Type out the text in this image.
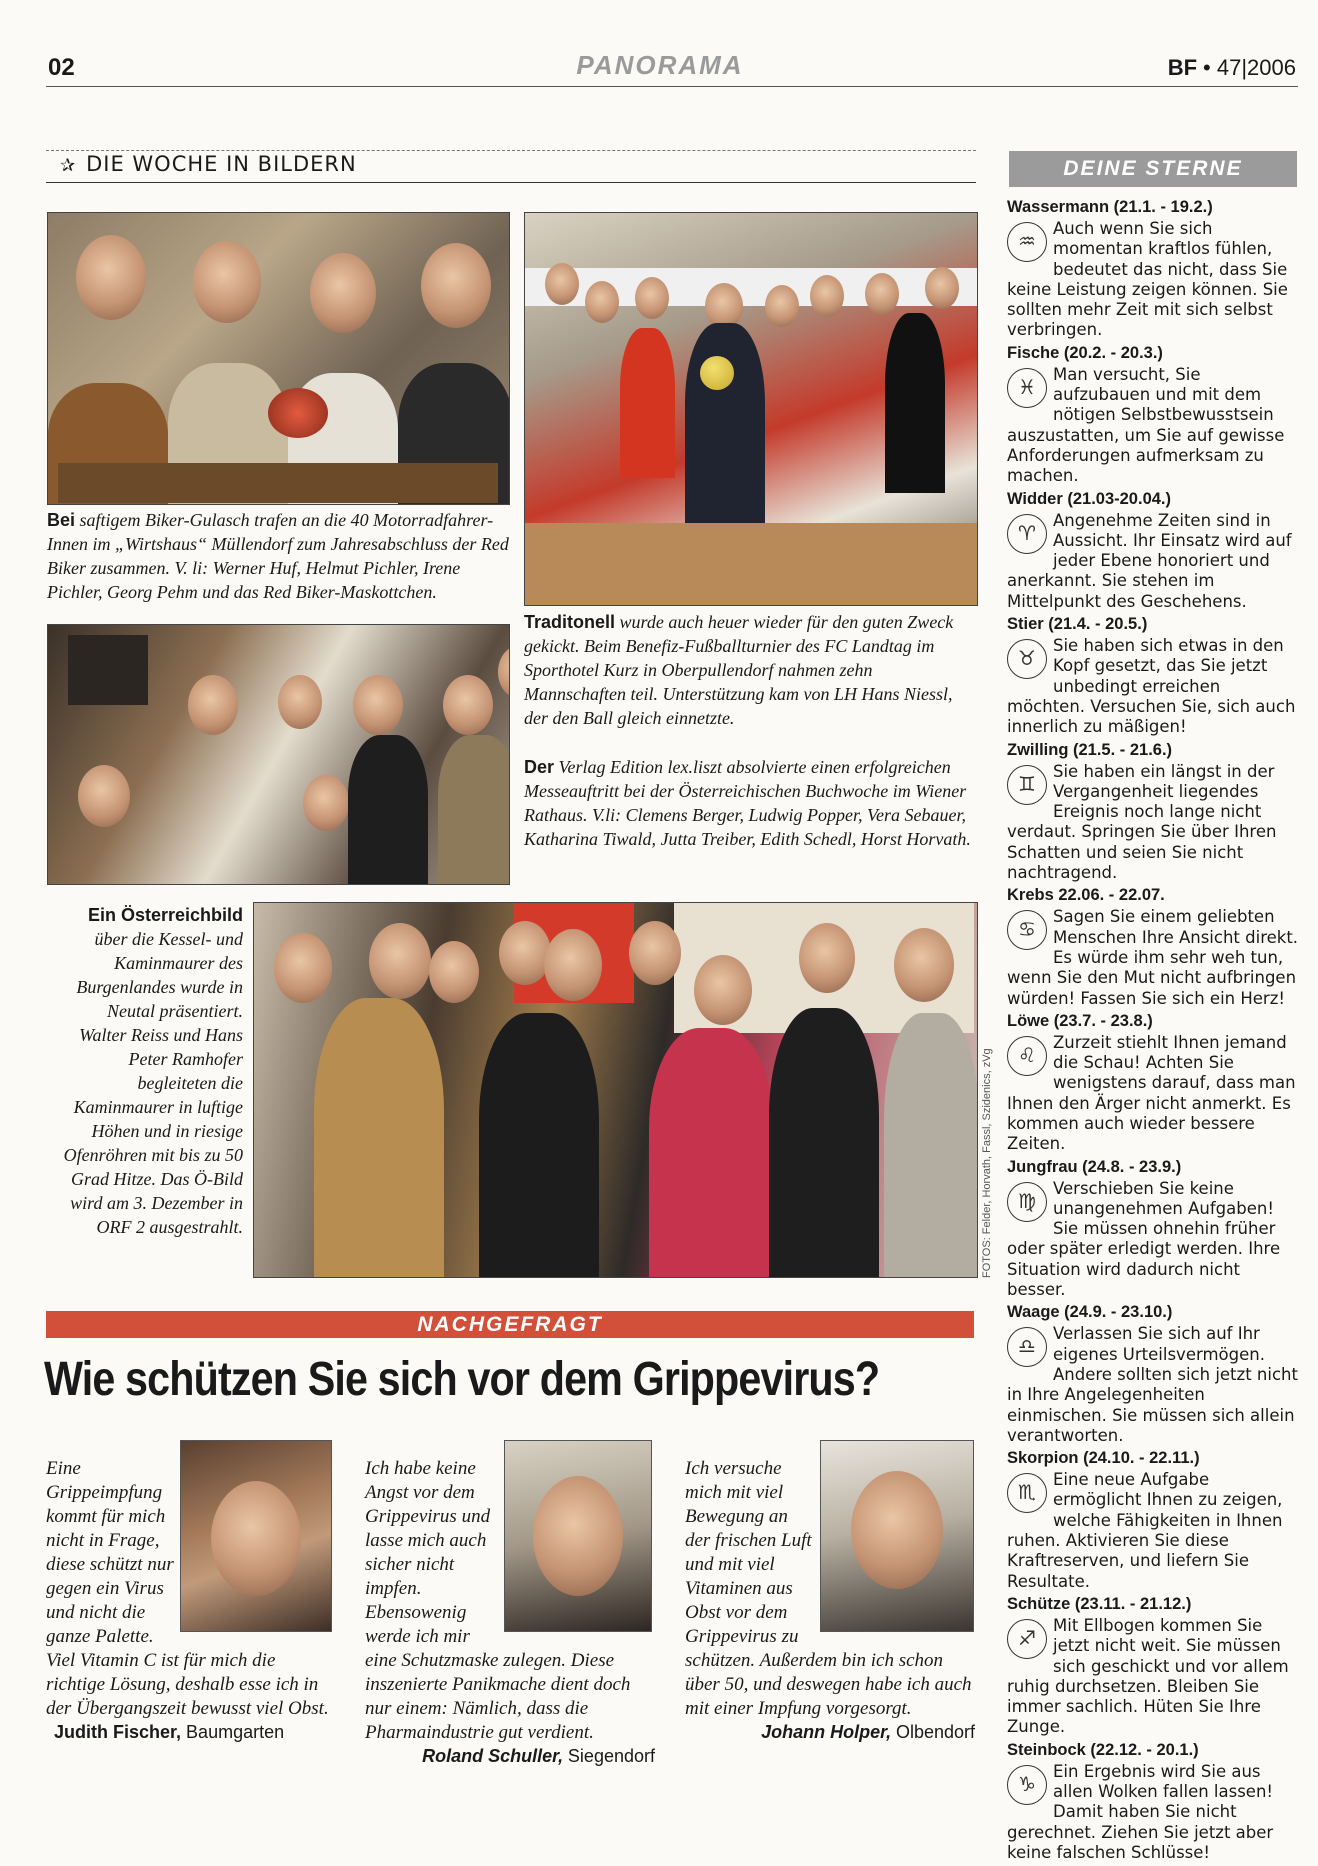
02	PANORAMA	BF • 47|2006
✰ DIE WOCHE IN BILDERN
Bei saftigem Biker-Gulasch trafen an die 40 Motorradfahrer-Innen im „Wirtshaus“ Müllendorf zum Jahresabschluss der Red Biker zusammen. V. li: Werner Huf, Helmut Pichler, Irene Pichler, Georg Pehm und das Red Biker-Maskottchen.
Traditonell wurde auch heuer wieder für den guten Zweck gekickt. Beim Benefiz-Fußballturnier des FC Landtag im Sporthotel Kurz in Oberpullendorf nahmen zehn Mannschaften teil. Unterstützung kam von LH Hans Niessl, der den Ball gleich einnetzte.
Der Verlag Edition lex.liszt absolvierte einen erfolgreichen Messeauftritt bei der Österreichischen Buchwoche im Wiener Rathaus. V.li: Clemens Berger, Ludwig Popper, Vera Sebauer, Katharina Tiwald, Jutta Treiber, Edith Schedl, Horst Horvath.
Ein Österreichbild über die Kessel- und Kaminmaurer des Burgenlandes wurde in Neutal präsentiert. Walter Reiss und Hans Peter Ramhofer begleiteten die Kaminmaurer in luftige Höhen und in riesige Ofenröhren mit bis zu 50 Grad Hitze. Das Ö-Bild wird am 3. Dezember in ORF 2 ausgestrahlt.	FOTOS: Felder, Horvath, Fassl, Szidenics, zVg
NACHGEFRAGT
Wie schützen Sie sich vor dem Grippevirus?
Eine Grippeimpfung kommt für mich nicht in Frage, diese schützt nur gegen ein Virus und nicht die ganze Palette. Viel Vitamin C ist für mich die richtige Lösung, deshalb esse ich in der Übergangszeit bewusst viel Obst. Judith Fischer, Baumgarten
Ich habe keine Angst vor dem Grippevirus und lasse mich auch sicher nicht impfen. Ebensowenig werde ich mir eine Schutzmaske zulegen. Diese inszenierte Panikmache dient doch nur einem: Nämlich, dass die Pharmaindustrie gut verdient.

Roland Schuller, Siegendorf
Ich versuche mich mit viel Bewegung an der frischen Luft und mit viel Vitaminen aus Obst vor dem Grippevirus zu schützen. Außerdem bin ich schon über 50, und deswegen habe ich auch mit einer Impfung vorgesorgt.

Johann Holper, Olbendorf
DEINE STERNE
Wassermann (21.1. - 19.2.)
♒
Auch wenn Sie sich momentan kraftlos fühlen, bedeutet das nicht, dass Sie keine Leistung zeigen können. Sie sollten mehr Zeit mit sich selbst verbringen.
Fische (20.2. - 20.3.)
♓
Man versucht, Sie aufzubauen und mit dem nötigen Selbstbewusstsein auszustatten, um Sie auf gewisse Anforderungen aufmerksam zu machen.
Widder (21.03-20.04.)
♈
Angenehme Zeiten sind in Aussicht. Ihr Einsatz wird auf jeder Ebene honoriert und anerkannt. Sie stehen im Mittelpunkt des Geschehens.
Stier (21.4. - 20.5.)
♉
Sie haben sich etwas in den Kopf gesetzt, das Sie jetzt unbedingt erreichen möchten. Versuchen Sie, sich auch innerlich zu mäßigen!
Zwilling (21.5. - 21.6.)
♊
Sie haben ein längst in der Vergangenheit liegendes Ereignis noch lange nicht verdaut. Springen Sie über Ihren Schatten und seien Sie nicht nachtragend.
Krebs 22.06. - 22.07.
♋
Sagen Sie einem geliebten Menschen Ihre Ansicht direkt. Es würde ihm sehr weh tun, wenn Sie den Mut nicht aufbringen würden! Fassen Sie sich ein Herz!
Löwe (23.7. - 23.8.)
♌
Zurzeit stiehlt Ihnen jemand die Schau! Achten Sie wenigstens darauf, dass man Ihnen den Ärger nicht anmerkt. Es kommen auch wieder bessere Zeiten.
Jungfrau (24.8. - 23.9.)
♍
Verschieben Sie keine unangenehmen Aufgaben! Sie müssen ohnehin früher oder später erledigt werden. Ihre Situation wird dadurch nicht besser.
Waage (24.9. - 23.10.)
♎
Verlassen Sie sich auf Ihr eigenes Urteilsvermögen. Andere sollten sich jetzt nicht in Ihre Angelegenheiten einmischen. Sie müssen sich allein verantworten.
Skorpion (24.10. - 22.11.)
♏
Eine neue Aufgabe ermöglicht Ihnen zu zeigen, welche Fähigkeiten in Ihnen ruhen. Aktivieren Sie diese Kraftreserven, und liefern Sie Resultate.
Schütze (23.11. - 21.12.)
♐
Mit Ellbogen kommen Sie jetzt nicht weit. Sie müssen sich geschickt und vor allem ruhig durchsetzen. Bleiben Sie immer sachlich. Hüten Sie Ihre Zunge.
Steinbock (22.12. - 20.1.)
♑
Ein Ergebnis wird Sie aus allen Wolken fallen lassen! Damit haben Sie nicht gerechnet. Ziehen Sie jetzt aber keine falschen Schlüsse!
